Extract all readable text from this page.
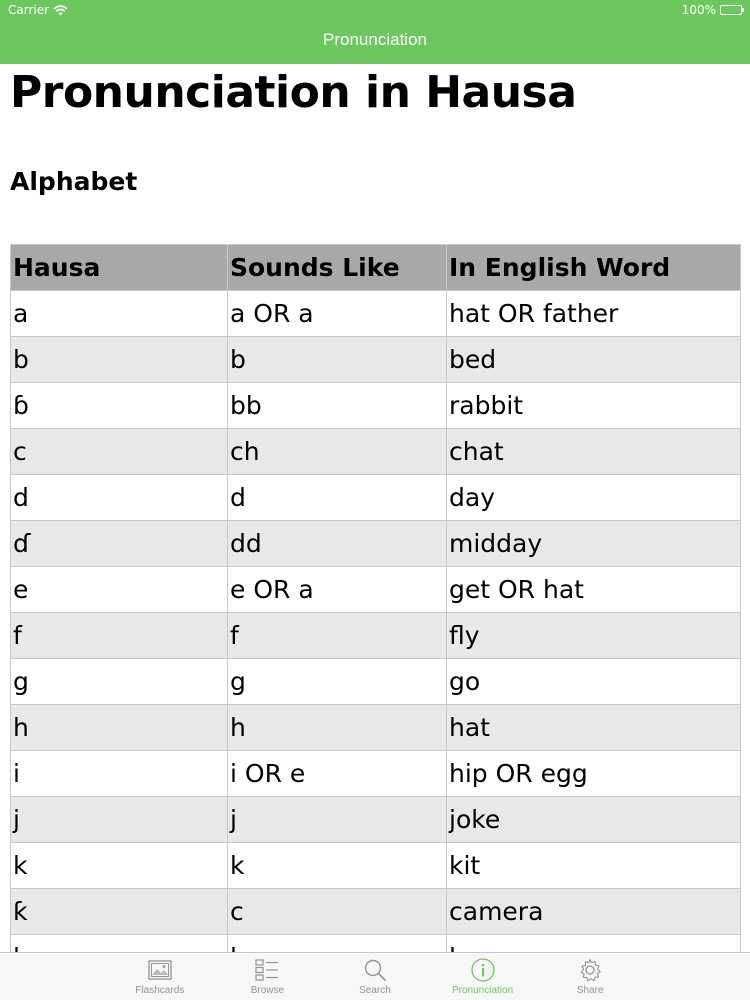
Carrier	100%
Pronunciation
Pronunciation in Hausa
Alphabet
Hausa	Sounds Like	In English Word
a	a OR a	hat OR father
b	b	bed
ɓ	bb	rabbit
c	ch	chat
d	d	day
ɗ	dd	midday
e	e OR a	get OR hat
f	f	fly
g	g	go
h	h	hat
i	i OR e	hip OR egg
j	j	joke
k	k	kit
ƙ	c	camera

Flashcards	Browse	Search	Pronunciation	Share
